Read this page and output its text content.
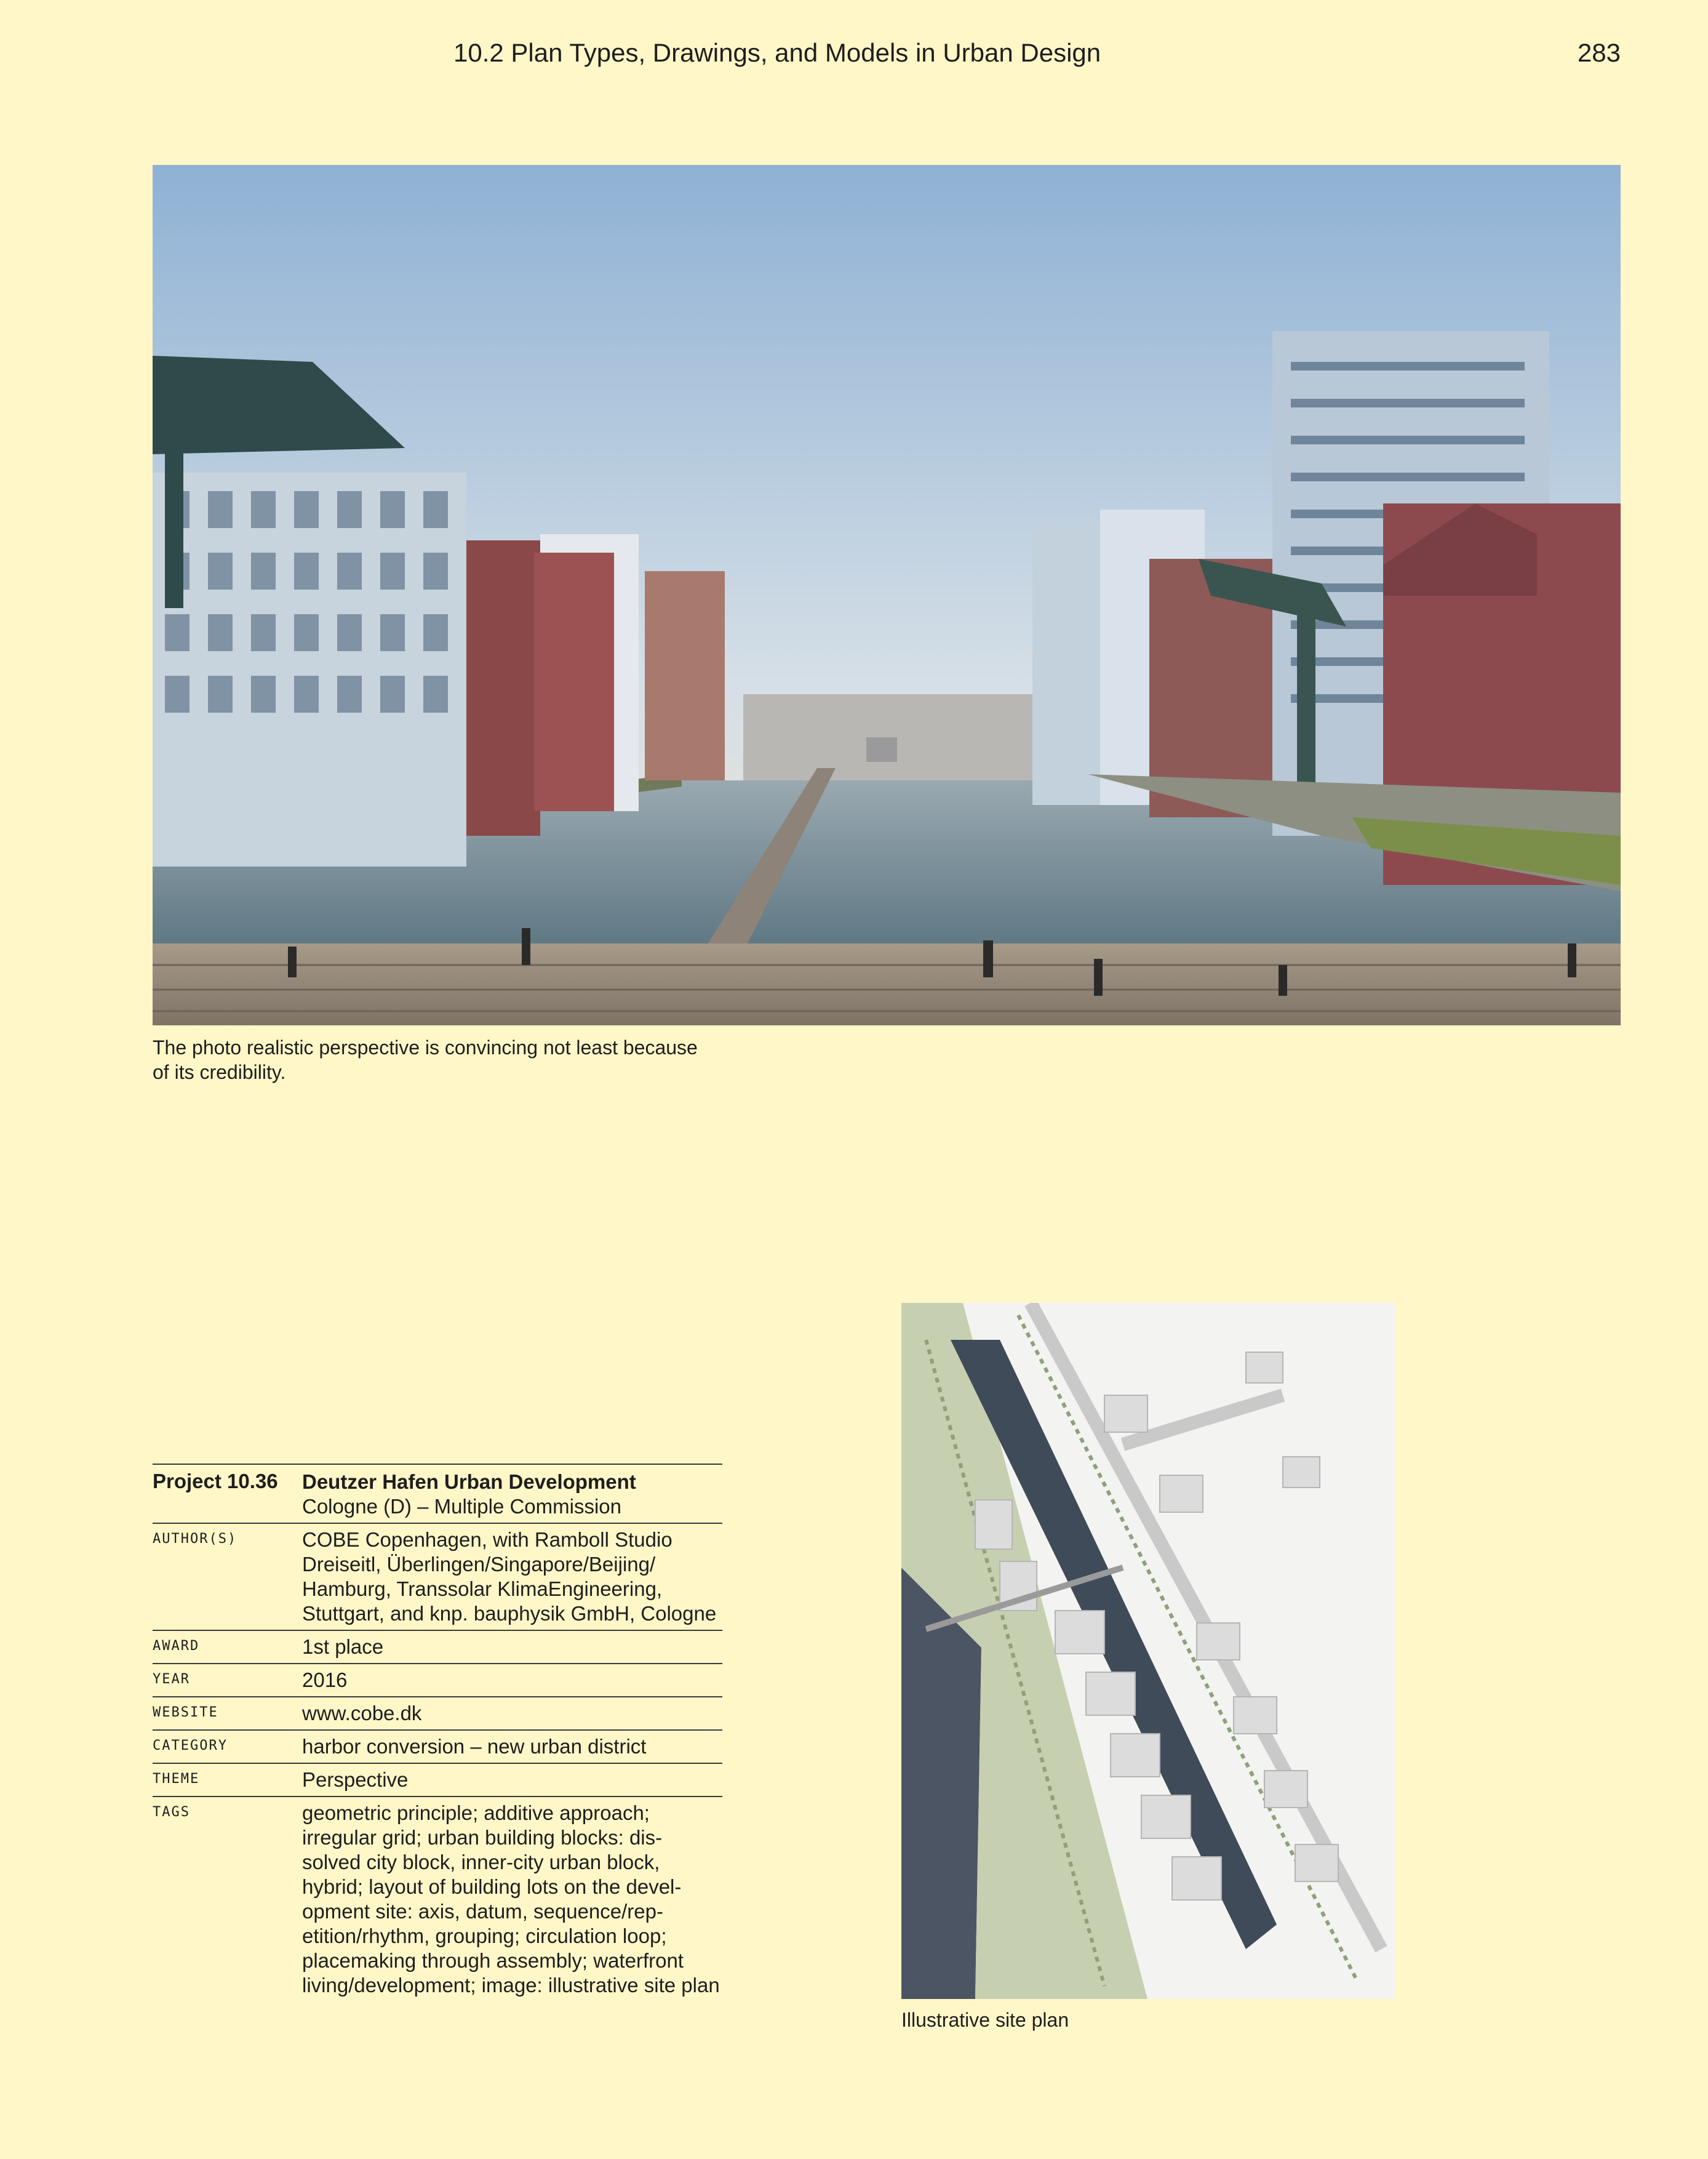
10.2 Plan Types, Drawings, and Models in Urban Design	283
The photo realistic perspective is convincing not least because of its credibility.
Illustrative site plan
Project 10.36	Deutzer Hafen Urban Development
Cologne (D) – Multiple Commission

AUTHOR(S)	COBE Copenhagen, with Ramboll Studio Dreiseitl, Überlingen/Singapore/Beijing/ Hamburg, Transsolar KlimaEngineering, Stuttgart, and knp. bauphysik GmbH, Cologne
AWARD	1st place
YEAR	2016
WEBSITE	www.cobe.dk
CATEGORY	harbor conversion – new urban district
THEME	Perspective
TAGS	geometric principle; additive approach; irregular grid; urban building blocks: dis- solved city block, inner-city urban block, hybrid; layout of building lots on the devel- opment site: axis, datum, sequence/rep- etition/rhythm, grouping; circulation loop; placemaking through assembly; waterfront living/development; image: illustrative site plan
